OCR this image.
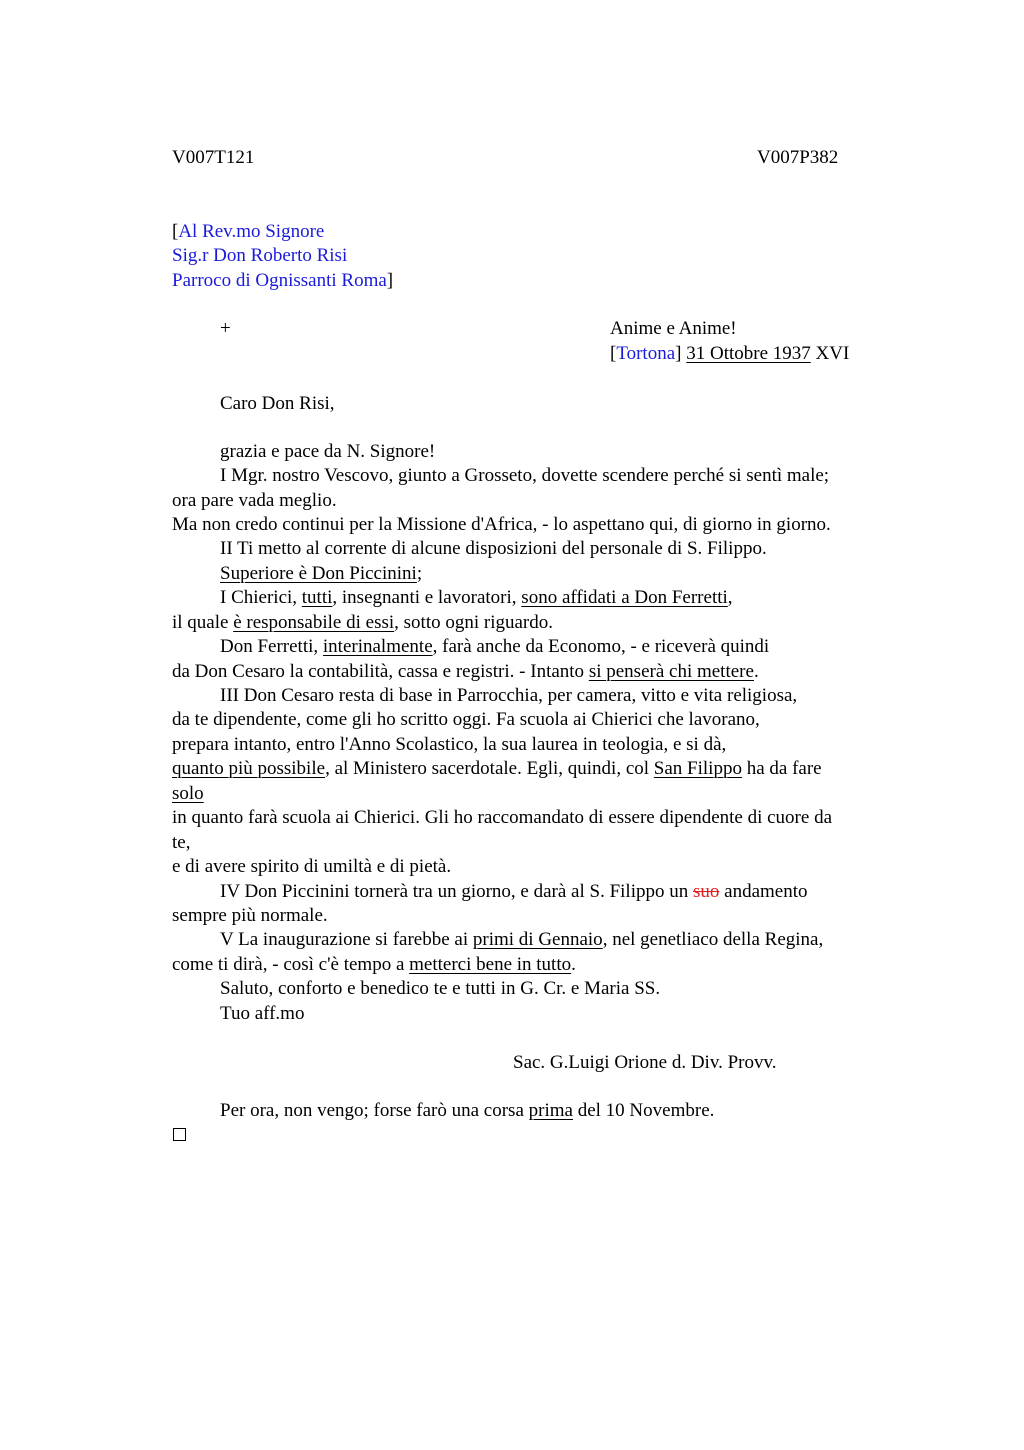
V007T121	V007P382
[Al Rev.mo Signore
Sig.r Don Roberto Risi
Parroco di Ognissanti Roma]
+	Anime e Anime!
[Tortona] 31 Ottobre 1937 XVI
Caro Don Risi,
grazia e pace da N. Signore!
I Mgr. nostro Vescovo, giunto a Grosseto, dovette scendere perché si sentì male;
ora pare vada meglio.
Ma non credo continui per la Missione d'Africa, - lo aspettano qui, di giorno in giorno.
II Ti metto al corrente di alcune disposizioni del personale di S. Filippo.
Superiore è Don Piccinini;
I Chierici, tutti, insegnanti e lavoratori, sono affidati a Don Ferretti,
il quale è responsabile di essi, sotto ogni riguardo.
Don Ferretti, interinalmente, farà anche da Economo, - e riceverà quindi
da Don Cesaro la contabilità, cassa e registri. - Intanto si penserà chi mettere.
III Don Cesaro resta di base in Parrocchia, per camera, vitto e vita religiosa,
da te dipendente, come gli ho scritto oggi. Fa scuola ai Chierici che lavorano,
prepara intanto, entro l'Anno Scolastico, la sua laurea in teologia, e si dà,
quanto più possibile, al Ministero sacerdotale. Egli, quindi, col San Filippo ha da fare
solo
in quanto farà scuola ai Chierici. Gli ho raccomandato di essere dipendente di cuore da
te,
e di avere spirito di umiltà e di pietà.
IV Don Piccinini tornerà tra un giorno, e darà al S. Filippo un suo andamento
sempre più normale.
V La inaugurazione si farebbe ai primi di Gennaio, nel genetliaco della Regina,
come ti dirà, - così c'è tempo a metterci bene in tutto.
Saluto, conforto e benedico te e tutti in G. Cr. e Maria SS.
Tuo aff.mo
Sac. G.Luigi Orione d. Div. Provv.
Per ora, non vengo; forse farò una corsa prima del 10 Novembre.
